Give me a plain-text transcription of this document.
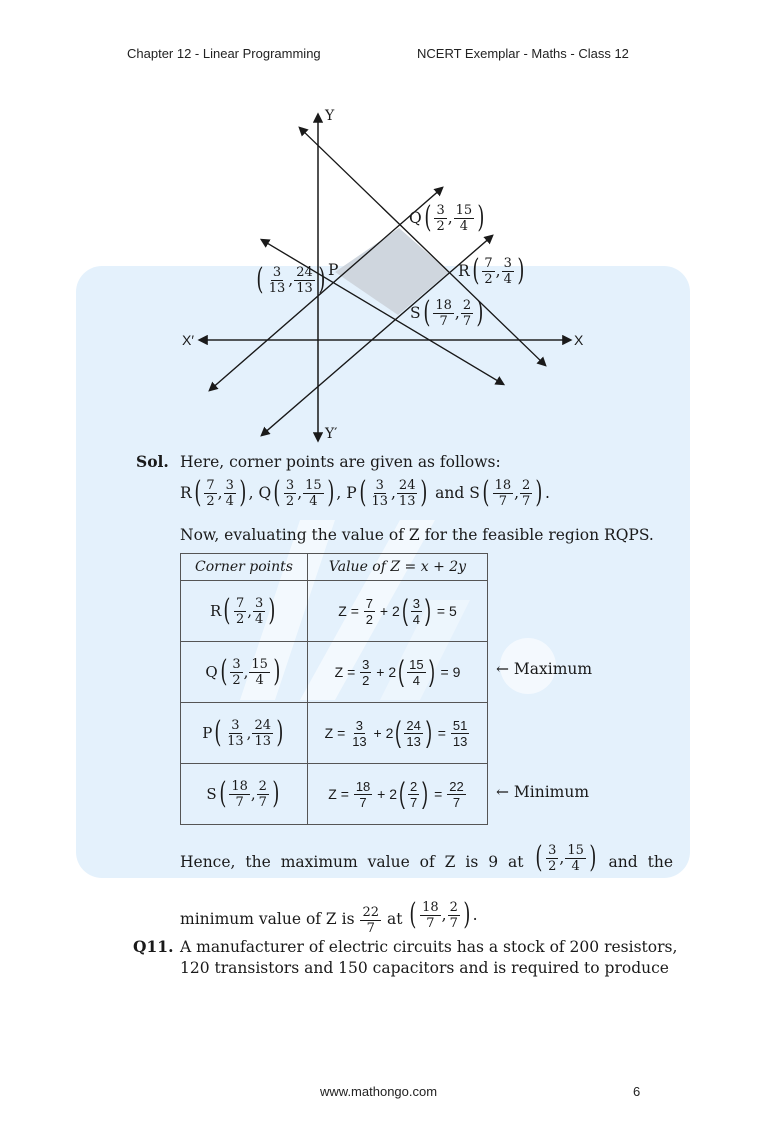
Chapter 12 - Linear Programming	NCERT Exemplar - Maths - Class 12
Y
Y′
X
X′
Q ( $\frac{3}{2}$ , $\frac{15}{4}$ )
R ( $\frac{7}{2}$ , $\frac{3}{4}$ )
P
( $\frac{3}{13}$ , $\frac{24}{13}$ )
S ( $\frac{18}{7}$ , $\frac{2}{7}$ )
Sol. Here, corner points are given as follows:
R ( $\frac{7}{2}$ , $\frac{3}{4}$ ) , Q ( $\frac{3}{2}$ , $\frac{15}{4}$ ) , P ( $\frac{3}{13}$ , $\frac{24}{13}$ ) and S ( $\frac{18}{7}$ , $\frac{2}{7}$ ) .
Now, evaluating the value of Z for the feasible region RQPS.
Corner points	Value of Z = x + 2y

R ( $\frac{7}{2}$ , $\frac{3}{4}$ )	$Z = \frac{7}{2} + 2$ ( $\frac{3}{4}$ ) = 5

Q ( $\frac{3}{2}$ , $\frac{15}{4}$ )	$Z = \frac{3}{2} + 2$ ( $\frac{15}{4}$ ) = 9

P ( $\frac{3}{13}$ , $\frac{24}{13}$ )	$Z = \frac{3}{13} + 2$ ( $\frac{24}{13}$ ) = $\frac{51}{13}$

S ( $\frac{18}{7}$ , $\frac{2}{7}$ )	$Z = \frac{18}{7} + 2$ ( $\frac{2}{7}$ ) = $\frac{22}{7}$
← Maximum
← Minimum
Hence, the maximum value of Z is 9 at ( $\frac{3}{2}$ , $\frac{15}{4}$ ) and the
minimum value of Z is $\frac{22}{7}$ at ( $\frac{18}{7}$ , $\frac{2}{7}$ ) .
Q11. A manufacturer of electric circuits has a stock of 200 resistors,
120 transistors and 150 capacitors and is required to produce
www.mathongo.com	6
